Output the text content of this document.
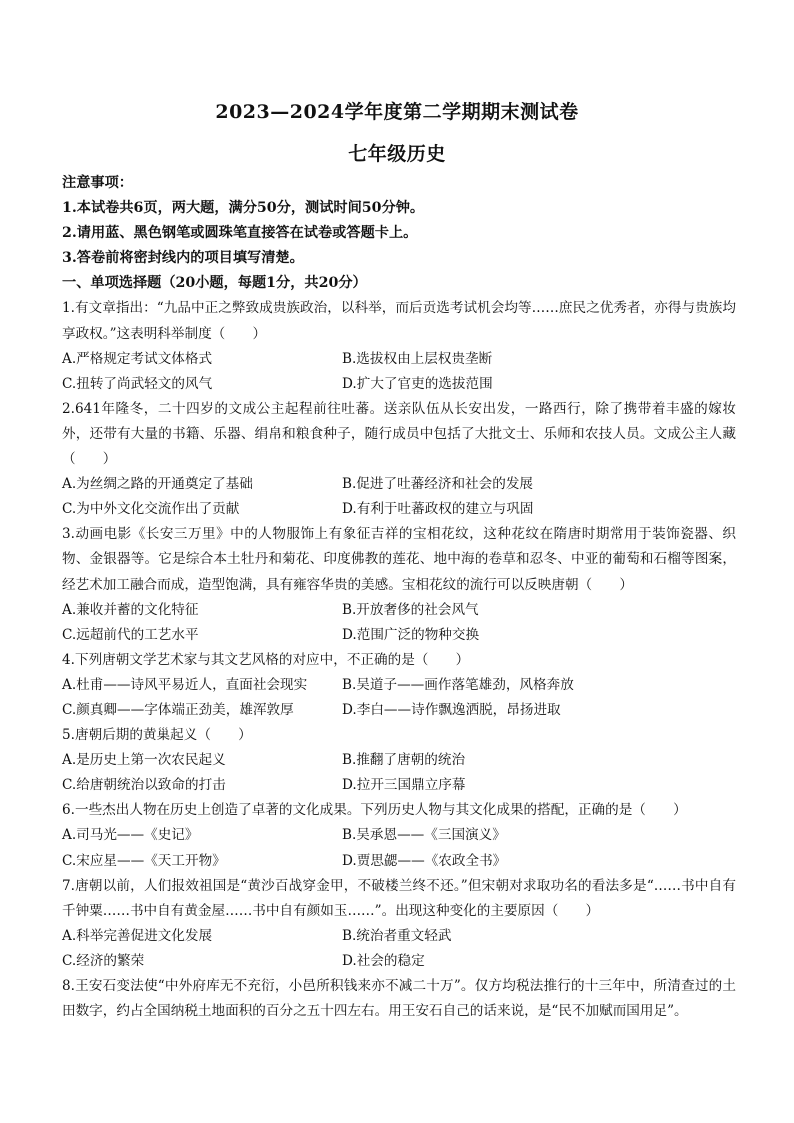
2023—2024学年度第二学期期末测试卷
七年级历史
注意事项：
1.本试卷共6页，两大题，满分50分，测试时间50分钟。
2.请用蓝、黑色钢笔或圆珠笔直接答在试卷或答题卡上。
3.答卷前将密封线内的项目填写清楚。
一、单项选择题（20小题，每题1分，共20分）
1.有文章指出：“九品中正之弊致成贵族政治，以科举，而后贡选考试机会均等……庶民之优秀者，亦得与贵族均享政权。”这表明科举制度（　　）
A.严格规定考试文体格式	B.选拔权由上层权贵垄断
C.扭转了尚武轻文的风气	D.扩大了官吏的选拔范围
2.641年隆冬，二十四岁的文成公主起程前往吐蕃。送亲队伍从长安出发，一路西行，除了携带着丰盛的嫁妆外，还带有大量的书籍、乐器、绢帛和粮食种子，随行成员中包括了大批文士、乐师和农技人员。文成公主人藏（　　）
A.为丝绸之路的开通奠定了基础	B.促进了吐蕃经济和社会的发展
C.为中外文化交流作出了贡献	D.有利于吐蕃政权的建立与巩固
3.动画电影《长安三万里》中的人物服饰上有象征吉祥的宝相花纹，这种花纹在隋唐时期常用于装饰瓷器、织物、金银器等。它是综合本土牡丹和菊花、印度佛教的莲花、地中海的卷草和忍冬、中亚的葡萄和石榴等图案，经艺术加工融合而成，造型饱满，具有雍容华贵的美感。宝相花纹的流行可以反映唐朝（　　）
A.兼收并蓄的文化特征	B.开放奢侈的社会风气
C.远超前代的工艺水平	D.范围广泛的物种交换
4.下列唐朝文学艺术家与其文艺风格的对应中，不正确的是（　　）
A.杜甫——诗风平易近人，直面社会现实	B.吴道子——画作落笔雄劲，风格奔放
C.颜真卿——字体端正劲美，雄浑敦厚	D.李白——诗作飘逸洒脱，昂扬进取
5.唐朝后期的黄巢起义（　　）
A.是历史上第一次农民起义	B.推翻了唐朝的统治
C.给唐朝统治以致命的打击	D.拉开三国鼎立序幕
6.一些杰出人物在历史上创造了卓著的文化成果。下列历史人物与其文化成果的搭配，正确的是（　　）
A.司马光——《史记》	B.吴承恩——《三国演义》
C.宋应星——《天工开物》	D.贾思勰——《农政全书》
7.唐朝以前，人们报效祖国是“黄沙百战穿金甲，不破楼兰终不还。”但宋朝对求取功名的看法多是“……书中自有千钟粟……书中自有黄金屋……书中自有颜如玉……”。出现这种变化的主要原因（　　）
A.科举完善促进文化发展	B.统治者重文轻武
C.经济的繁荣	D.社会的稳定
8.王安石变法使“中外府库无不充衍，小邑所积钱来亦不减二十万”。仅方均税法推行的十三年中，所清查过的土田数字，约占全国纳税土地面积的百分之五十四左右。用王安石自己的话来说，是“民不加赋而国用足”。
